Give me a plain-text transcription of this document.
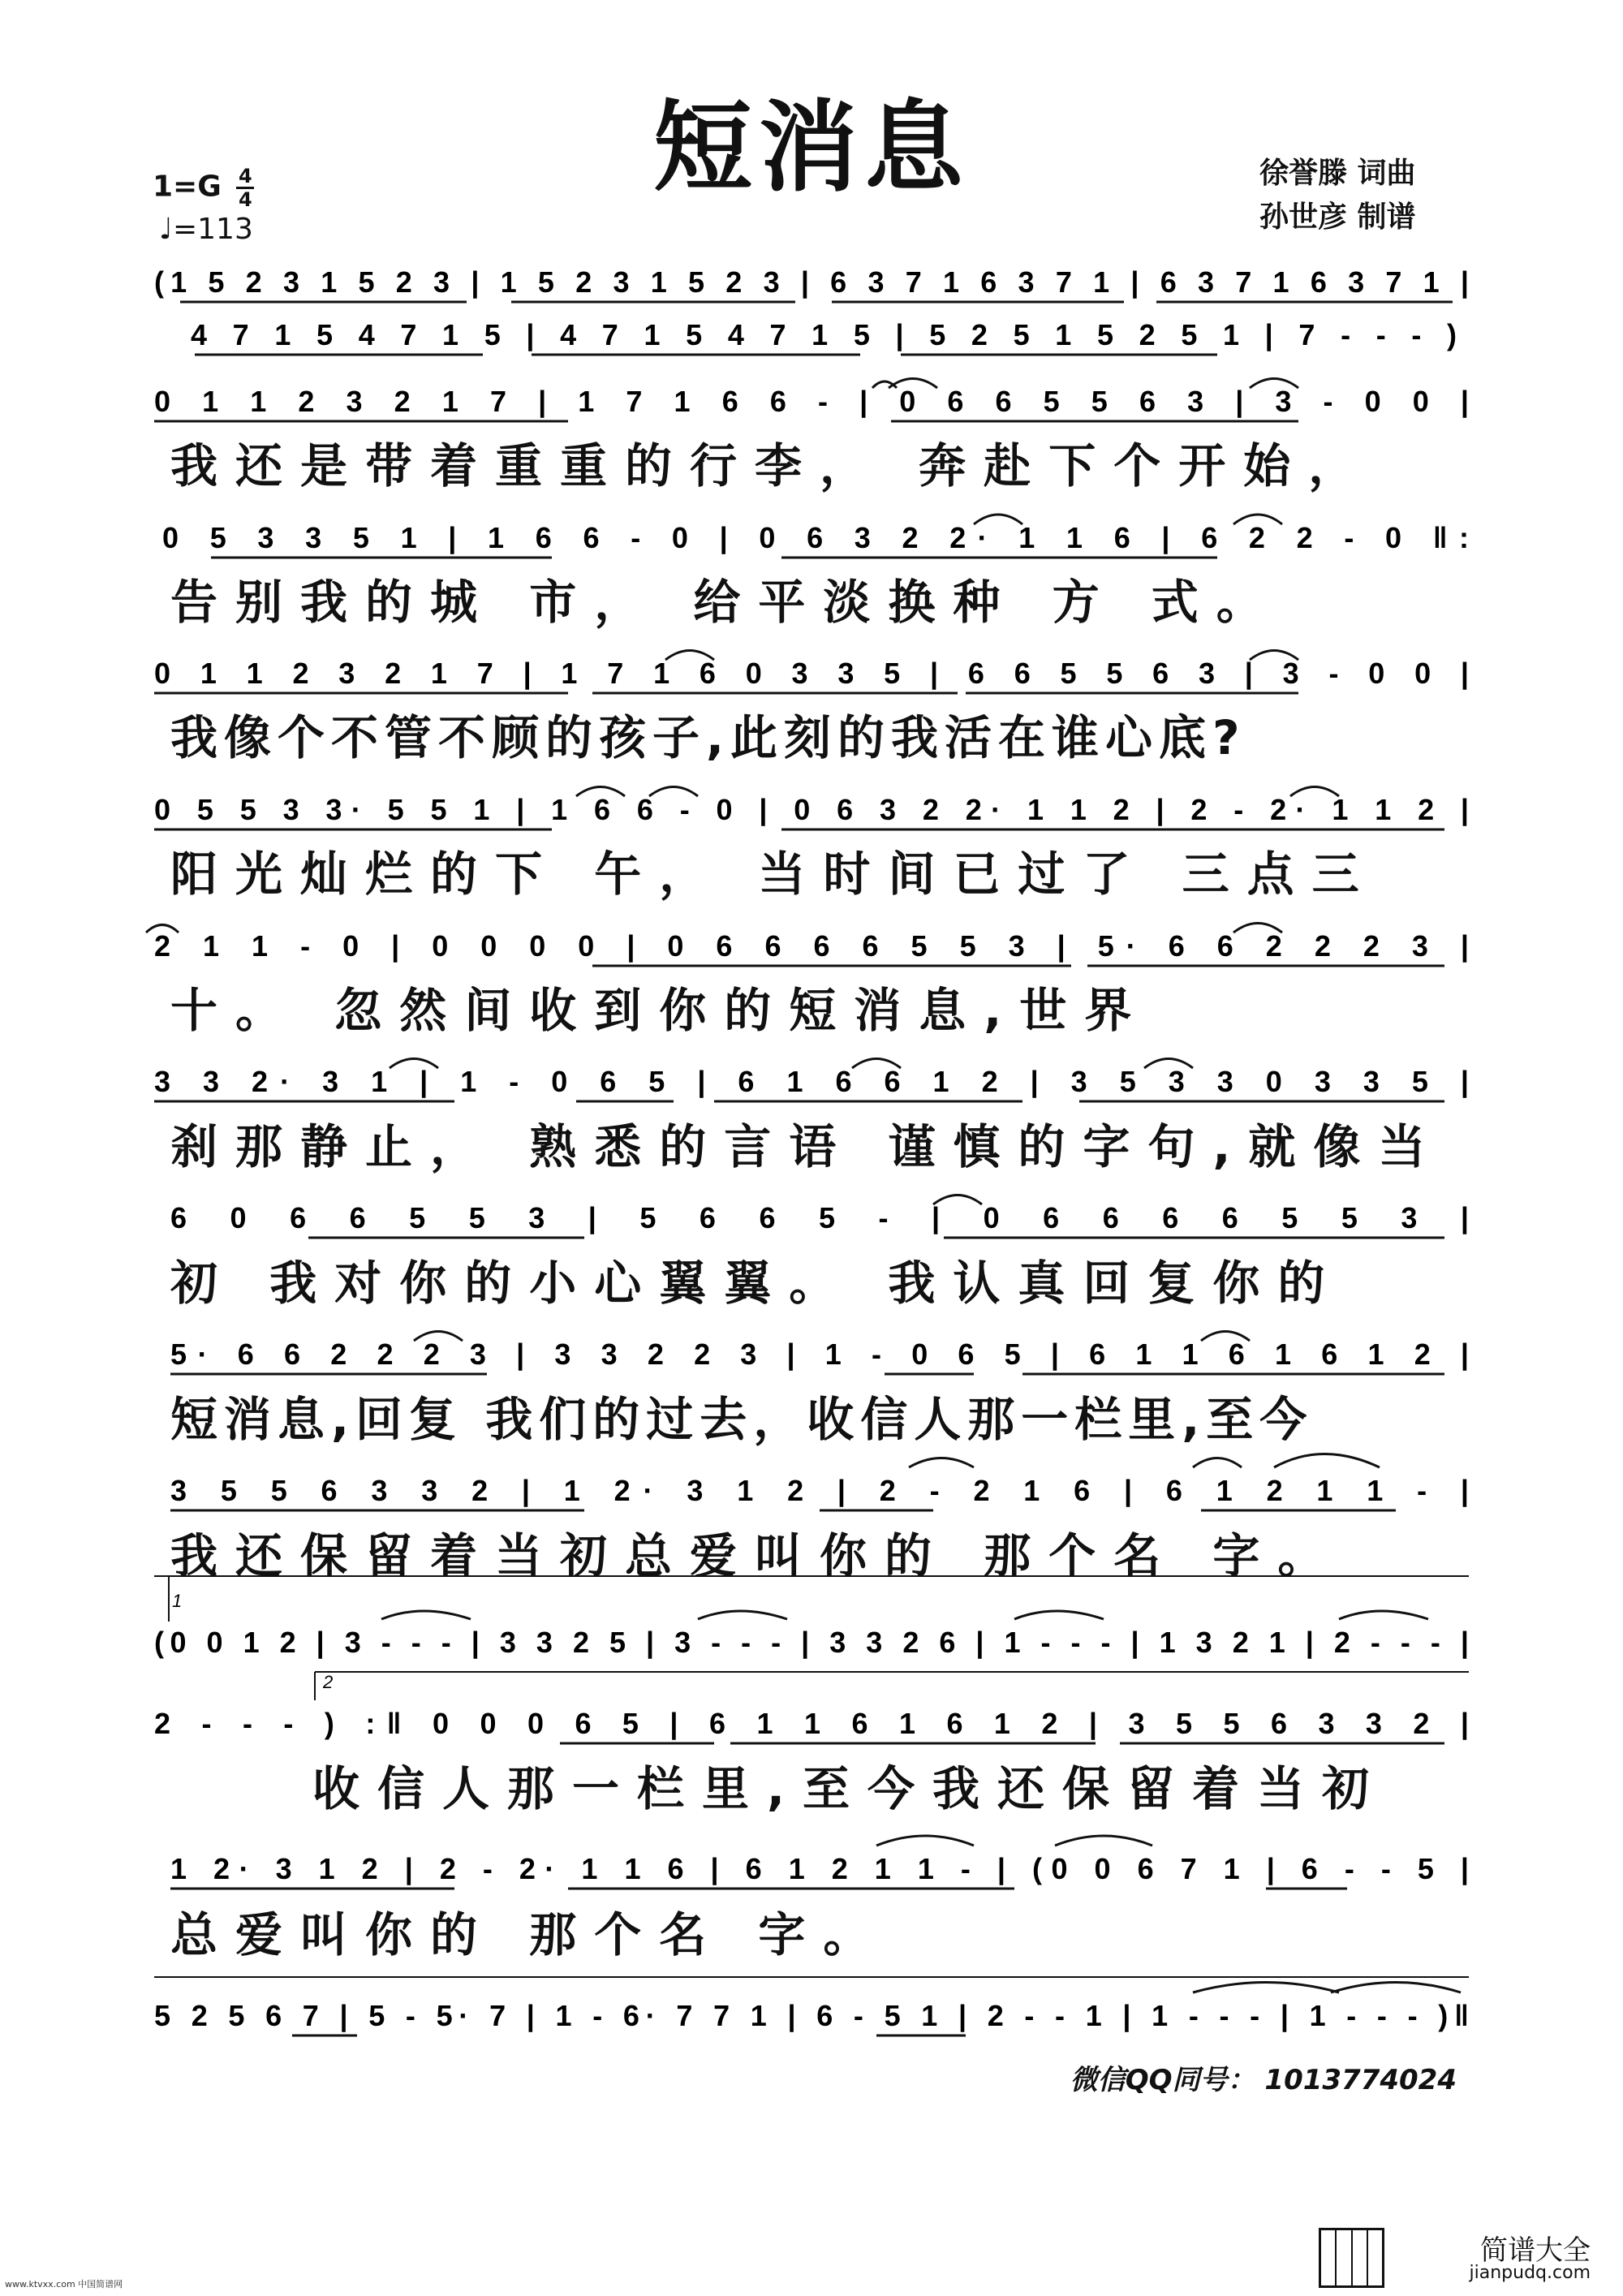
短消息
$1=G \frac{4}{4}$
♩=113
徐誉滕 词曲
孙世彦 制谱
1
2
(1 5 2 3 1 5 2 3 | 1 5 2 3 1 5 2 3 | 6 3 7 1 6 3 7 1 | 6 3 7 1 6 3 7 1 |
4 7 1 5 4 7 1 5 | 4 7 1 5 4 7 1 5 | 5 2 5 1 5 2 5 1 | 7 - - - )
0 1 1 2 3 2 1 7 | 1 7 1 6 6 - | 0 6 6 5 5 6 3 | 3 - 0 0 |
0 5 3 3 5 1 | 1 6 6 - 0 | 0 6 3 2 2· 1 1 6 | 6 2 2 - 0 ‖:
0 1 1 2 3 2 1 7 | 1 7 1 6 0 3 3 5 | 6 6 5 5 6 3 | 3 - 0 0 |
0 5 5 3 3· 5 5 1 | 1 6 6 - 0 | 0 6 3 2 2· 1 1 2 | 2 - 2· 1 1 2 |
2 1 1 - 0 | 0 0 0 0 | 0 6 6 6 6 5 5 3 | 5· 6 6 2 2 2 3 |
3 3 2· 3 1 | 1 - 0 6 5 | 6 1 6 6 1 2 | 3 5 3 3 0 3 3 5 |
6 0 6 6 5 5 3 | 5 6 6 5 - | 0 6 6 6 6 5 5 3 |
5· 6 6 2 2 2 3 | 3 3 2 2 3 | 1 - 0 6 5 | 6 1 1 6 1 6 1 2 |
3 5 5 6 3 3 2 | 1 2· 3 1 2 | 2 - 2 1 6 | 6 1 2 1 1 - |
(0 0 1 2 | 3 - - - | 3 3 2 5 | 3 - - - | 3 3 2 6 | 1 - - - | 1 3 2 1 | 2 - - - |
2 - - - ) :‖ 0 0 0 6 5 | 6 1 1 6 1 6 1 2 | 3 5 5 6 3 3 2 |
1 2· 3 1 2 | 2 - 2· 1 1 6 | 6 1 2 1 1 - | (0 0 6 7 1 | 6 - - 5 |
5 2 5 6 7 | 5 - 5· 7 | 1 - 6· 7 7 1 | 6 - 5 1 | 2 - - 1 | 1 - - - | 1 - - - )‖
我还是带着重重的行李， 奔赴下个开始，
告别我的城 市， 给平淡换种 方 式。
我像个不管不顾的孩子,此刻的我活在谁心底?
阳光灿烂的下 午， 当时间已过了 三点三
十。 忽然间收到你的短消息,世界
刹那静止， 熟悉的言语 谨慎的字句,就像当
初 我对你的小心翼翼。 我认真回复你的
短消息,回复 我们的过去，收信人那一栏里,至今
我还保留着当初总爱叫你的 那个名 字。
收信人那一栏里,至今我还保留着当初
总爱叫你的 那个名 字。
微信QQ同号： 1013774024
简谱大全
jianpudq.com
www.ktvxx.com 中国简谱网
